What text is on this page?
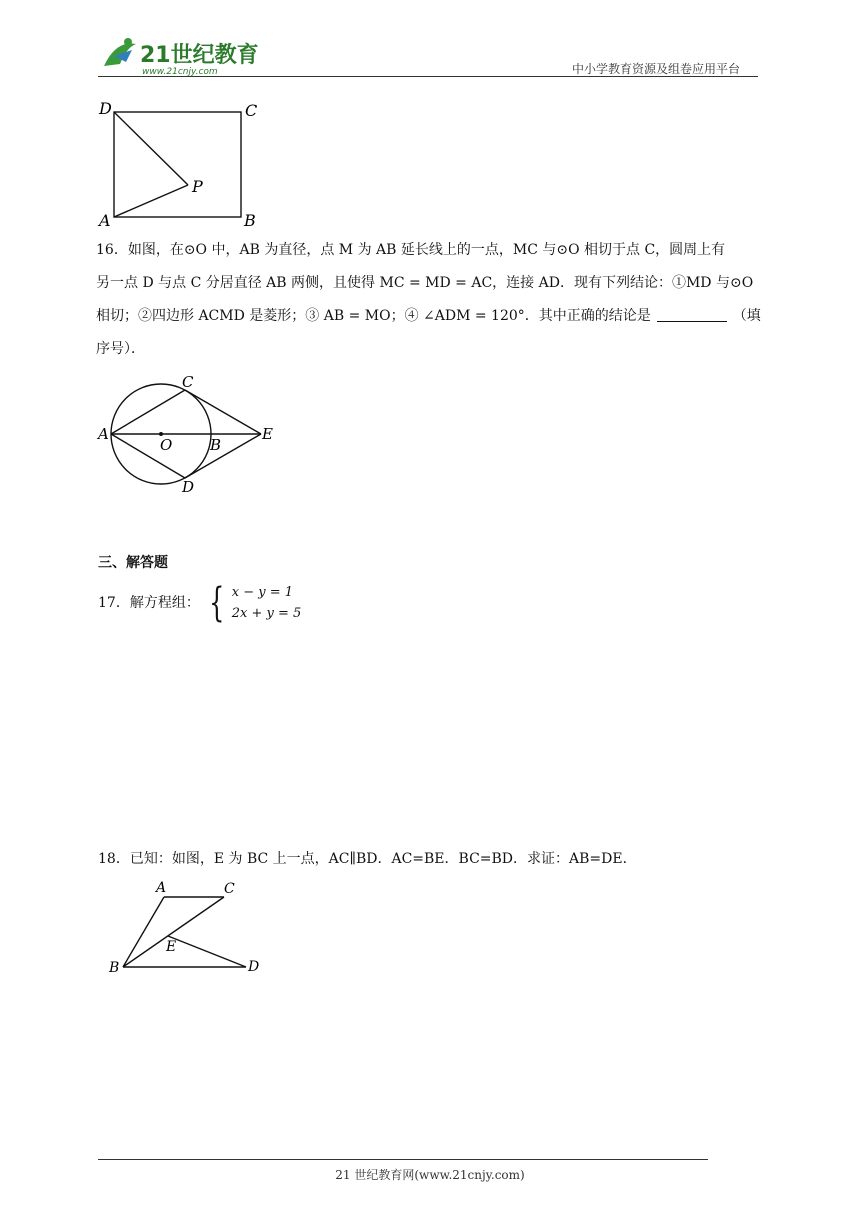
21世纪教育
www.21cnjy.com	中小学教育资源及组卷应用平台
D	C
P
A	B
16．如图，在⊙O 中，AB 为直径，点 M 为 AB 延长线上的一点，MC 与⊙O 相切于点 C，圆周上有
另一点 D 与点 C 分居直径 AB 两侧，且使得 MC = MD = AC，连接 AD．现有下列结论：①MD 与⊙O
相切；②四边形 ACMD 是菱形；③ AB = MO；④ ∠ADM = 120°．其中正确的结论是	（填
序号）．
A
C
O	B
E
D
三、解答题
17．解方程组： { x − y = 1
2x + y = 5
18．已知：如图，E 为 BC 上一点，AC∥BD．AC=BE．BC=BD．求证：AB=DE．
A	C
E
B	D
21 世纪教育网(www.21cnjy.com)
